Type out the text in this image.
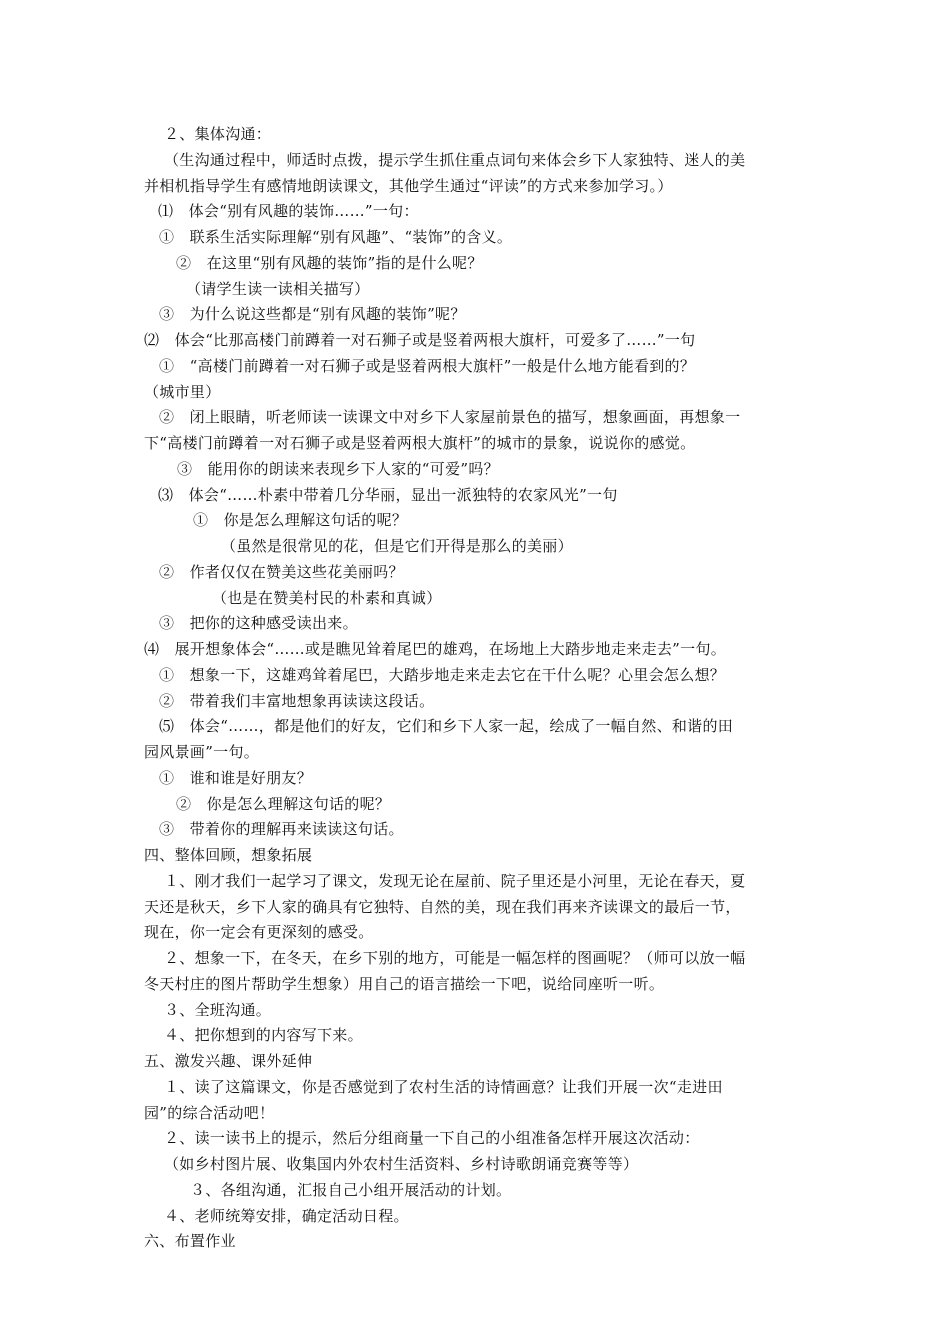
２、集体沟通：
（生沟通过程中，师适时点拨，提示学生抓住重点词句来体会乡下人家独特、迷人的美
并相机指导学生有感情地朗读课文，其他学生通过“评读”的方式来参加学习。）
⑴　体会“别有风趣的装饰……”一句：
①　联系生活实际理解“别有风趣”、“装饰”的含义。
②　在这里“别有风趣的装饰”指的是什么呢？
（请学生读一读相关描写）
③　为什么说这些都是“别有风趣的装饰”呢？
⑵　体会“比那高楼门前蹲着一对石狮子或是竖着两根大旗杆，可爱多了……”一句
①　“高楼门前蹲着一对石狮子或是竖着两根大旗杆”一般是什么地方能看到的？
（城市里）
②　闭上眼睛，听老师读一读课文中对乡下人家屋前景色的描写，想象画面，再想象一
下“高楼门前蹲着一对石狮子或是竖着两根大旗杆”的城市的景象，说说你的感觉。
③　能用你的朗读来表现乡下人家的“可爱”吗？
⑶　体会“……朴素中带着几分华丽，显出一派独特的农家风光”一句
①　你是怎么理解这句话的呢？
（虽然是很常见的花，但是它们开得是那么的美丽）
②　作者仅仅在赞美这些花美丽吗？
（也是在赞美村民的朴素和真诚）
③　把你的这种感受读出来。
⑷　展开想象体会“……或是瞧见耸着尾巴的雄鸡，在场地上大踏步地走来走去”一句。
①　想象一下，这雄鸡耸着尾巴，大踏步地走来走去它在干什么呢？心里会怎么想？
②　带着我们丰富地想象再读读这段话。
⑸　体会“……，都是他们的好友，它们和乡下人家一起，绘成了一幅自然、和谐的田
园风景画”一句。
①　谁和谁是好朋友？
②　你是怎么理解这句话的呢？
③　带着你的理解再来读读这句话。
四、整体回顾，想象拓展
１、刚才我们一起学习了课文，发现无论在屋前、院子里还是小河里，无论在春天，夏
天还是秋天，乡下人家的确具有它独特、自然的美，现在我们再来齐读课文的最后一节，
现在，你一定会有更深刻的感受。
２、想象一下，在冬天，在乡下别的地方，可能是一幅怎样的图画呢？（师可以放一幅
冬天村庄的图片帮助学生想象）用自己的语言描绘一下吧，说给同座听一听。
３、全班沟通。
４、把你想到的内容写下来。
五、激发兴趣、课外延伸
１、读了这篇课文，你是否感觉到了农村生活的诗情画意？让我们开展一次“走进田
园”的综合活动吧！
２、读一读书上的提示，然后分组商量一下自己的小组准备怎样开展这次活动：
（如乡村图片展、收集国内外农村生活资料、乡村诗歌朗诵竞赛等等）
３、各组沟通，汇报自己小组开展活动的计划。
４、老师统筹安排，确定活动日程。
六、布置作业
